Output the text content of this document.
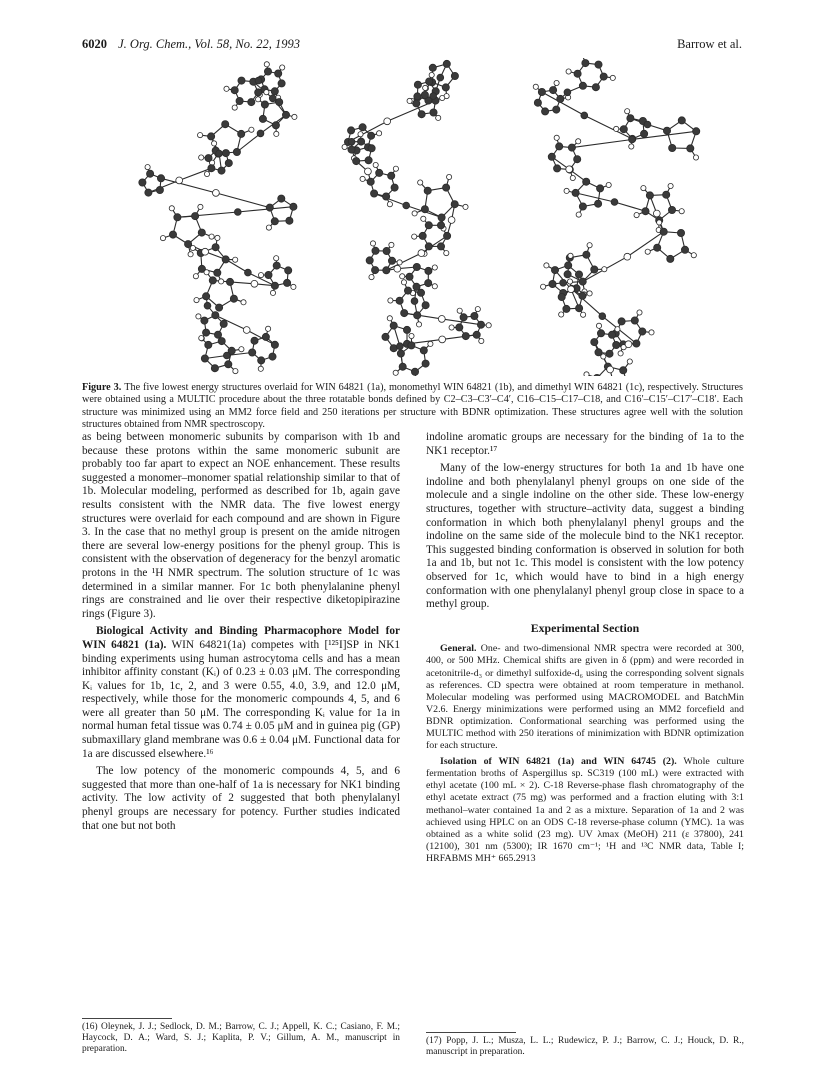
6020 J. Org. Chem., Vol. 58, No. 22, 1993	Barrow et al.
Figure 3. The five lowest energy structures overlaid for WIN 64821 (1a), monomethyl WIN 64821 (1b), and dimethyl WIN 64821 (1c), respectively. Structures were obtained using a MULTIC procedure about the three rotatable bonds defined by C2–C3–C3′–C4′, C16–C15–C17–C18, and C16′–C15′–C17′–C18′. Each structure was minimized using an MM2 force field and 250 iterations per structure with BDNR optimization. These structures agree well with the solution structures obtained from NMR spectroscopy.

as being between monomeric subunits by comparison with 1b and because these protons within the same monomeric subunit are probably too far apart to expect an NOE enhancement. These results suggested a monomer–monomer spatial relationship similar to that of 1b. Molecular modeling, performed as described for 1b, again gave results consistent with the NMR data. The five lowest energy structures were overlaid for each compound and are shown in Figure 3. In the case that no methyl group is present on the amide nitrogen there are several low-energy positions for the phenyl group. This is consistent with the observation of degeneracy for the benzyl aromatic protons in the ¹H NMR spectrum. The solution structure of 1c was determined in a similar manner. For 1c both phenylalanine phenyl rings are constrained and lie over their respective diketopipirazine rings (Figure 3).

Biological Activity and Binding Pharmacophore Model for WIN 64821 (1a). WIN 64821(1a) competes with [¹²⁵I]SP in NK1 binding experiments using human astrocytoma cells and has a mean inhibitor affinity constant (Kᵢ) of 0.23 ± 0.03 μM. The corresponding Kᵢ values for 1b, 1c, 2, and 3 were 0.55, 4.0, 3.9, and 12.0 μM, respectively, while those for the monomeric compounds 4, 5, and 6 were all greater than 50 μM. The corresponding Kᵢ value for 1a in normal human fetal tissue was 0.74 ± 0.05 μM and in guinea pig (GP) submaxillary gland membrane was 0.6 ± 0.04 μM. Functional data for 1a are discussed elsewhere.¹⁶

The low potency of the monomeric compounds 4, 5, and 6 suggested that more than one-half of 1a is necessary for NK1 binding activity. The low activity of 2 suggested that both phenylalanyl phenyl groups are necessary for potency. Further studies indicated that one but not both

indoline aromatic groups are necessary for the binding of 1a to the NK1 receptor.¹⁷

Many of the low-energy structures for both 1a and 1b have one indoline and both phenylalanyl phenyl groups on one side of the molecule and a single indoline on the other side. These low-energy structures, together with structure–activity data, suggest a binding conformation in which both phenylalanyl phenyl groups and the indoline on the same side of the molecule bind to the NK1 receptor. This suggested binding conformation is observed in solution for both 1a and 1b, but not 1c. This model is consistent with the low potency observed for 1c, which would have to bind in a high energy conformation with one phenylalanyl phenyl group close in space to a methyl group.

Experimental Section

General. One- and two-dimensional NMR spectra were recorded at 300, 400, or 500 MHz. Chemical shifts are given in δ (ppm) and were recorded in acetonitrile-d₃ or dimethyl sulfoxide-d₆ using the corresponding solvent signals as references. CD spectra were obtained at room temperature in methanol. Molecular modeling was performed using MACROMODEL and BatchMin V2.6. Energy minimizations were performed using an MM2 forcefield and BDNR optimization. Conformational searching was performed using the MULTIC method with 250 iterations of minimization with BDNR optimization for each structure.

Isolation of WIN 64821 (1a) and WIN 64745 (2). Whole culture fermentation broths of Aspergillus sp. SC319 (100 mL) were extracted with ethyl acetate (100 mL × 2). C-18 Reverse-phase flash chromatography of the ethyl acetate extract (75 mg) was performed and a fraction eluting with 3:1 methanol–water contained 1a and 2 as a mixture. Separation of 1a and 2 was achieved using HPLC on an ODS C-18 reverse-phase column (YMC). 1a was obtained as a white solid (23 mg). UV λmax (MeOH) 211 (ε 37800), 241 (12100), 301 nm (5300); IR 1670 cm⁻¹; ¹H and ¹³C NMR data, Table I; HRFABMS MH⁺ 665.2913

(16) Oleynek, J. J.; Sedlock, D. M.; Barrow, C. J.; Appell, K. C.; Casiano, F. M.; Haycock, D. A.; Ward, S. J.; Kaplita, P. V.; Gillum, A. M., manuscript in preparation.
(17) Popp, J. L.; Musza, L. L.; Rudewicz, P. J.; Barrow, C. J.; Houck, D. R., manuscript in preparation.
